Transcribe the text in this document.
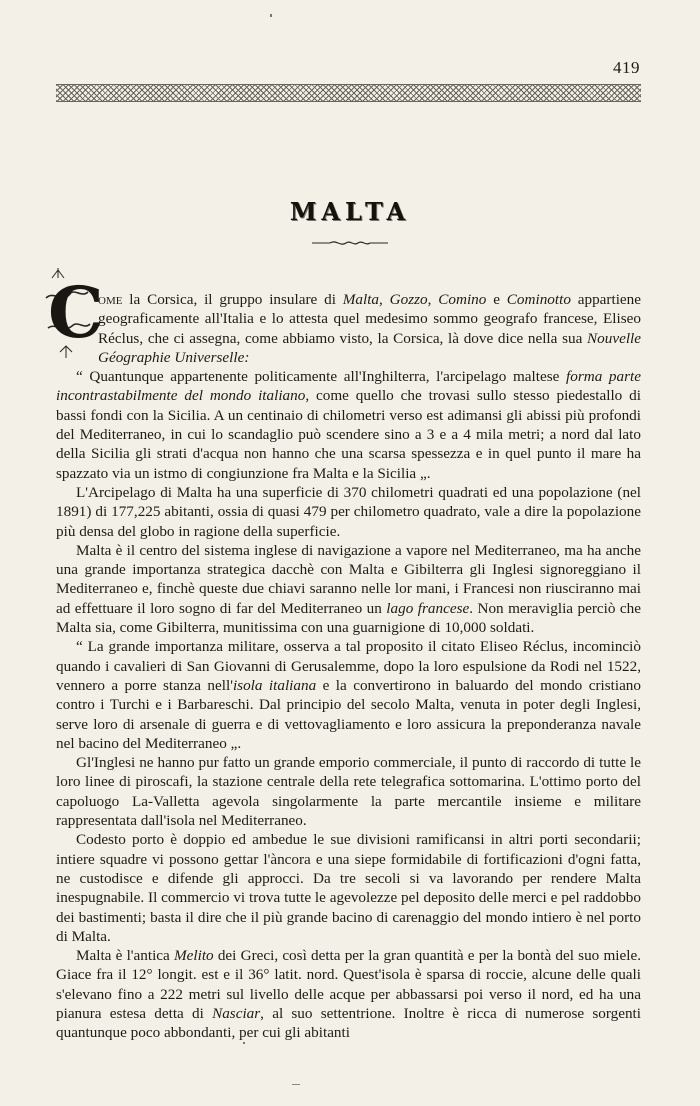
419
MALTA
C

ome la Corsica, il gruppo insulare di Malta, Gozzo, Comino e Cominotto appartiene geograficamente all'Italia e lo attesta quel medesimo sommo geografo francese, Eliseo Réclus, che ci assegna, come abbiamo visto, la Corsica, là dove dice nella sua Nouvelle Géographie Universelle:

“ Quantunque appartenente politicamente all'Inghilterra, l'arcipelago maltese forma parte incontrastabilmente del mondo italiano, come quello che trovasi sullo stesso piedestallo di bassi fondi con la Sicilia. A un centinaio di chilometri verso est adimansi gli abissi più profondi del Mediterraneo, in cui lo scandaglio può scendere sino a 3 e a 4 mila metri; a nord dal lato della Sicilia gli strati d'acqua non hanno che una scarsa spessezza e in quel punto il mare ha spazzato via un istmo di congiunzione fra Malta e la Sicilia „.

L'Arcipelago di Malta ha una superficie di 370 chilometri quadrati ed una popolazione (nel 1891) di 177,225 abitanti, ossia di quasi 479 per chilometro quadrato, vale a dire la popolazione più densa del globo in ragione della superficie.

Malta è il centro del sistema inglese di navigazione a vapore nel Mediterraneo, ma ha anche una grande importanza strategica dacchè con Malta e Gibilterra gli Inglesi signoreggiano il Mediterraneo e, finchè queste due chiavi saranno nelle lor mani, i Francesi non riusciranno mai ad effettuare il loro sogno di far del Mediterraneo un lago francese. Non meraviglia perciò che Malta sia, come Gibilterra, munitissima con una guarnigione di 10,000 soldati.

“ La grande importanza militare, osserva a tal proposito il citato Eliseo Réclus, incominciò quando i cavalieri di San Giovanni di Gerusalemme, dopo la loro espulsione da Rodi nel 1522, vennero a porre stanza nell'isola italiana e la convertirono in baluardo del mondo cristiano contro i Turchi e i Barbareschi. Dal principio del secolo Malta, venuta in poter degli Inglesi, serve loro di arsenale di guerra e di vettovagliamento e loro assicura la preponderanza navale nel bacino del Mediterraneo „.

Gl'Inglesi ne hanno pur fatto un grande emporio commerciale, il punto di raccordo di tutte le loro linee di piroscafi, la stazione centrale della rete telegrafica sottomarina. L'ottimo porto del capoluogo La-Valletta agevola singolarmente la parte mercantile insieme e militare rappresentata dall'isola nel Mediterraneo.

Codesto porto è doppio ed ambedue le sue divisioni ramificansi in altri porti secondarii; intiere squadre vi possono gettar l'àncora e una siepe formidabile di fortificazioni d'ogni fatta, ne custodisce e difende gli approcci. Da tre secoli si va lavorando per rendere Malta inespugnabile. Il commercio vi trova tutte le agevolezze pel deposito delle merci e pel raddobbo dei bastimenti; basta il dire che il più grande bacino di carenaggio del mondo intiero è nel porto di Malta.

Malta è l'antica Melito dei Greci, così detta per la gran quantità e per la bontà del suo miele. Giace fra il 12° longit. est e il 36° latit. nord. Quest'isola è sparsa di roccie, alcune delle quali s'elevano fino a 222 metri sul livello delle acque per abbassarsi poi verso il nord, ed ha una pianura estesa detta di Nasciar, al suo settentrione. Inoltre è ricca di numerose sorgenti quantunque poco abbondanti, per cui gli abitanti
